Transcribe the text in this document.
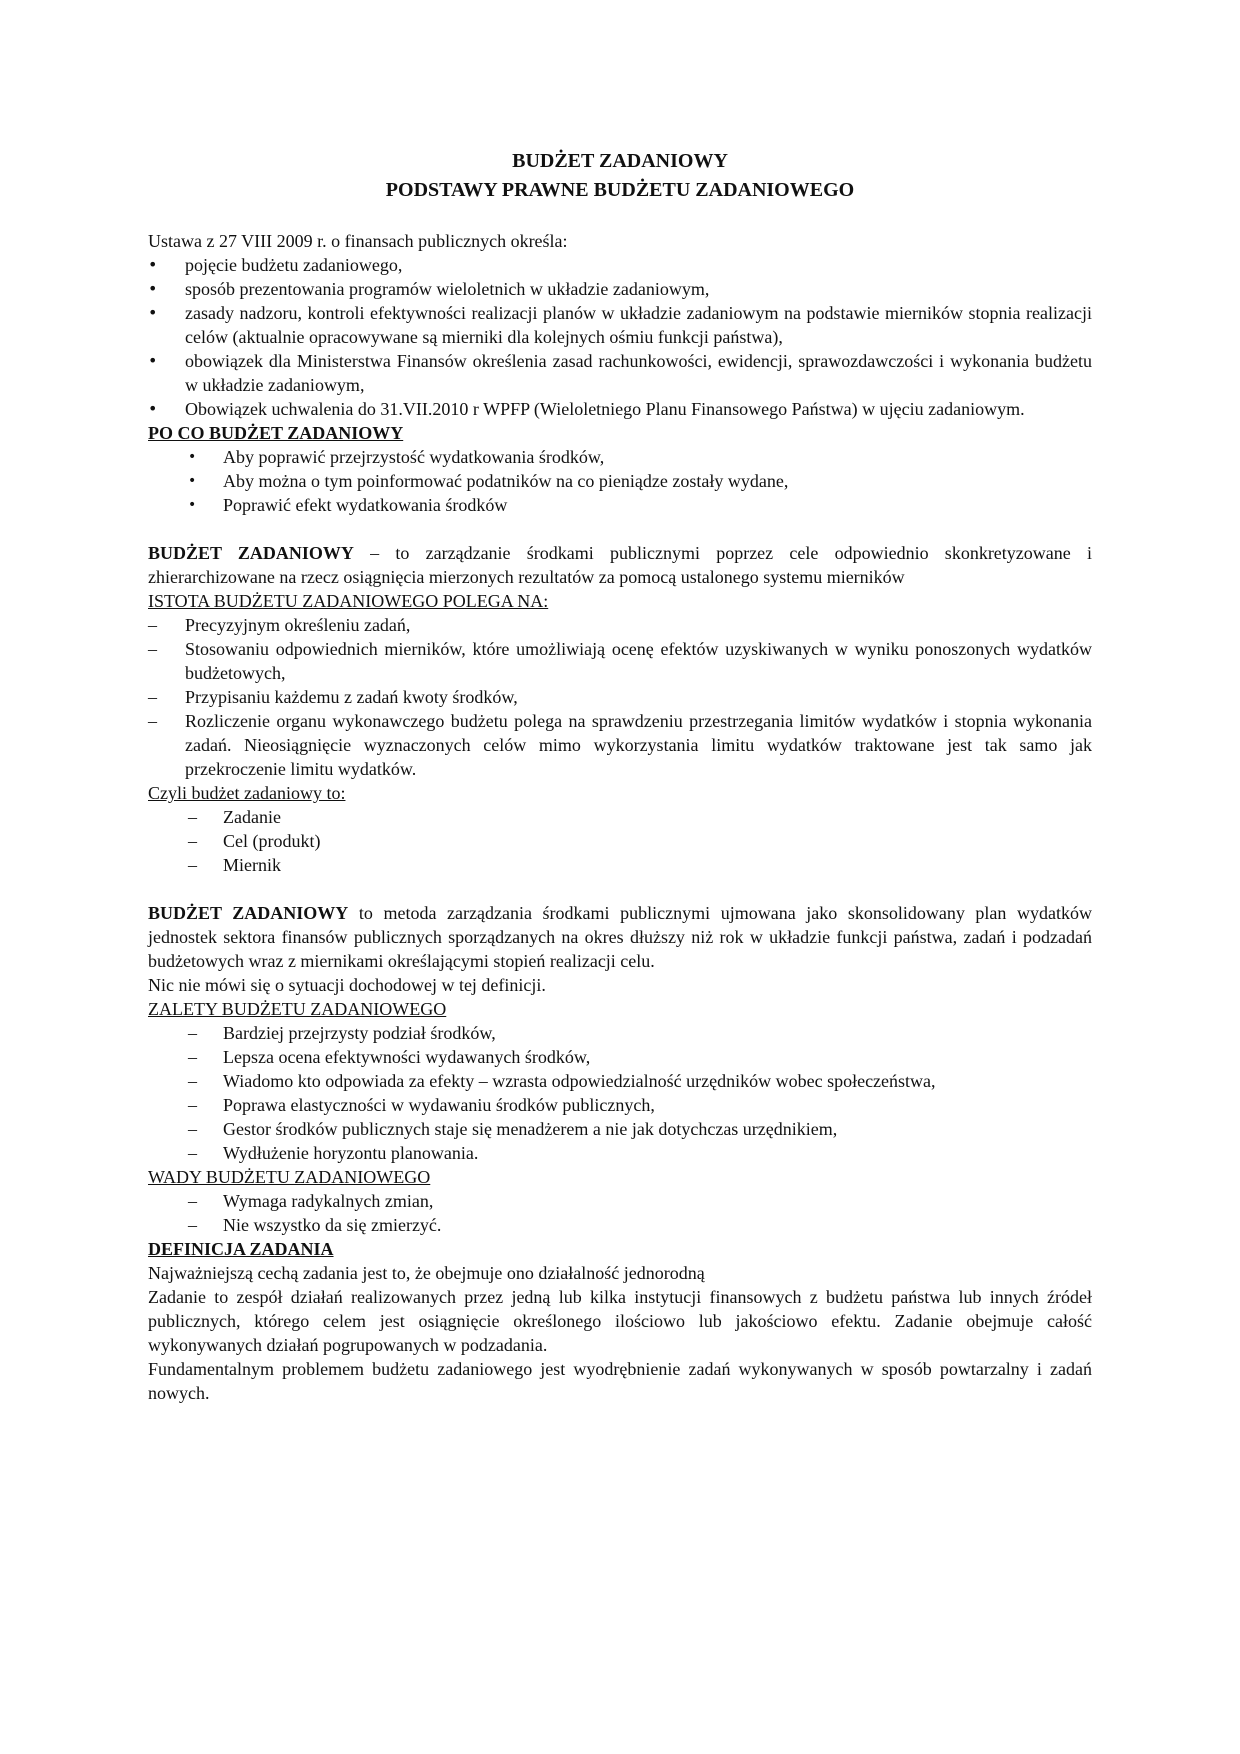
BUDŻET ZADANIOWY
PODSTAWY PRAWNE BUDŻETU ZADANIOWEGO

Ustawa z 27 VIII 2009 r. o finansach publicznych określa:

• pojęcie budżetu zadaniowego,
• sposób prezentowania programów wieloletnich w układzie zadaniowym,
• zasady nadzoru, kontroli efektywności realizacji planów w układzie zadaniowym na podstawie mierników stopnia realizacji celów (aktualnie opracowywane są mierniki dla kolejnych ośmiu funkcji państwa),
• obowiązek dla Ministerstwa Finansów określenia zasad rachunkowości, ewidencji, sprawozdawczości i wykonania budżetu w układzie zadaniowym,
• Obowiązek uchwalenia do 31.VII.2010 r WPFP (Wieloletniego Planu Finansowego Państwa) w ujęciu zadaniowym.

PO CO BUDŻET ZADANIOWY

• Aby poprawić przejrzystość wydatkowania środków,
• Aby można o tym poinformować podatników na co pieniądze zostały wydane,
• Poprawić efekt wydatkowania środków

BUDŻET ZADANIOWY – to zarządzanie środkami publicznymi poprzez cele odpowiednio skonkretyzowane i zhierarchizowane na rzecz osiągnięcia mierzonych rezultatów za pomocą ustalonego systemu mierników

ISTOTA BUDŻETU ZADANIOWEGO POLEGA NA:

– Precyzyjnym określeniu zadań,
– Stosowaniu odpowiednich mierników, które umożliwiają ocenę efektów uzyskiwanych w wyniku ponoszonych wydatków budżetowych,
– Przypisaniu każdemu z zadań kwoty środków,
– Rozliczenie organu wykonawczego budżetu polega na sprawdzeniu przestrzegania limitów wydatków i stopnia wykonania zadań. Nieosiągnięcie wyznaczonych celów mimo wykorzystania limitu wydatków traktowane jest tak samo jak przekroczenie limitu wydatków.

Czyli budżet zadaniowy to:

– Zadanie
– Cel (produkt)
– Miernik

BUDŻET ZADANIOWY to metoda zarządzania środkami publicznymi ujmowana jako skonsolidowany plan wydatków jednostek sektora finansów publicznych sporządzanych na okres dłuższy niż rok w układzie funkcji państwa, zadań i podzadań budżetowych wraz z miernikami określającymi stopień realizacji celu.

Nic nie mówi się o sytuacji dochodowej w tej definicji.

ZALETY BUDŻETU ZADANIOWEGO

– Bardziej przejrzysty podział środków,
– Lepsza ocena efektywności wydawanych środków,
– Wiadomo kto odpowiada za efekty – wzrasta odpowiedzialność urzędników wobec społeczeństwa,
– Poprawa elastyczności w wydawaniu środków publicznych,
– Gestor środków publicznych staje się menadżerem a nie jak dotychczas urzędnikiem,
– Wydłużenie horyzontu planowania.

WADY BUDŻETU ZADANIOWEGO

– Wymaga radykalnych zmian,
– Nie wszystko da się zmierzyć.

DEFINICJA ZADANIA

Najważniejszą cechą zadania jest to, że obejmuje ono działalność jednorodną

Zadanie to zespół działań realizowanych przez jedną lub kilka instytucji finansowych z budżetu państwa lub innych źródeł publicznych, którego celem jest osiągnięcie określonego ilościowo lub jakościowo efektu. Zadanie obejmuje całość wykonywanych działań pogrupowanych w podzadania.

Fundamentalnym problemem budżetu zadaniowego jest wyodrębnienie zadań wykonywanych w sposób powtarzalny i zadań nowych.
